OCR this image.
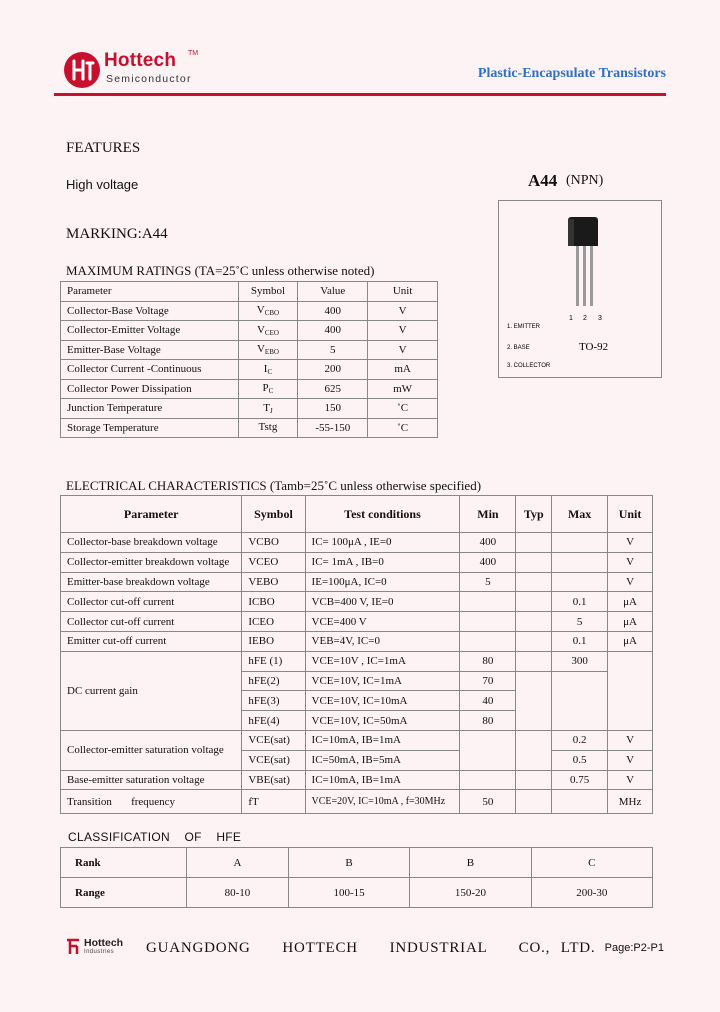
Hottech TM
Semiconductor	Plastic-Encapsulate Transistors
FEATURES
High voltage
MARKING:A44
A44 (NPN)
1 2 3
1. EMITTER
2. BASE
3. COLLECTOR
TO-92
MAXIMUM RATINGS (TA=25˚C unless otherwise noted)
Parameter	Symbol	Value	Unit
Collector-Base Voltage	$V_{CBO}$	400	V
Collector-Emitter Voltage	$V_{CEO}$	400	V
Emitter-Base Voltage	$V_{EBO}$	5	V
Collector Current -Continuous	$I_C$	200	mA
Collector Power Dissipation	$P_C$	625	mW
Junction Temperature	$T_J$	150	˚C
Storage Temperature	Tstg	-55-150	˚C
ELECTRICAL CHARACTERISTICS (Tamb=25˚C unless otherwise specified)
Parameter	Symbol	Test conditions	Min	Typ	Max	Unit
Collector-base breakdown voltage	VCBO	IC= 100μA , IE=0	400			V
Collector-emitter breakdown voltage	VCEO	IC= 1mA , IB=0	400			V
Emitter-base breakdown voltage	VEBO	IE=100μA, IC=0	5			V
Collector cut-off current	ICBO	VCB=400 V, IE=0			0.1	μA
Collector cut-off current	ICEO	VCE=400 V			5	μA
Emitter cut-off current	IEBO	VEB=4V, IC=0			0.1	μA
DC current gain	hFE (1)	VCE=10V , IC=1mA	80		300	
	hFE(2)	VCE=10V, IC=1mA	70			
	hFE(3)	VCE=10V, IC=10mA	40			
	hFE(4)	VCE=10V, IC=50mA	80			
Collector-emitter saturation voltage	VCE(sat)	IC=10mA, IB=1mA			0.2	V
	VCE(sat)	IC=50mA, IB=5mA			0.5	V
Base-emitter saturation voltage	VBE(sat)	IC=10mA, IB=1mA			0.75	V
Transition       frequency	fT	VCE=20V, IC=10mA , f=30MHz	50			MHz
CLASSIFICATION    OF    HFE
Rank	A	B	B	C
Range	80-10	100-15	150-20	200-30
Hottech
Industries GUANGDONG   HOTTECH   INDUSTRIAL   CO., LTD. Page:P2-P1
